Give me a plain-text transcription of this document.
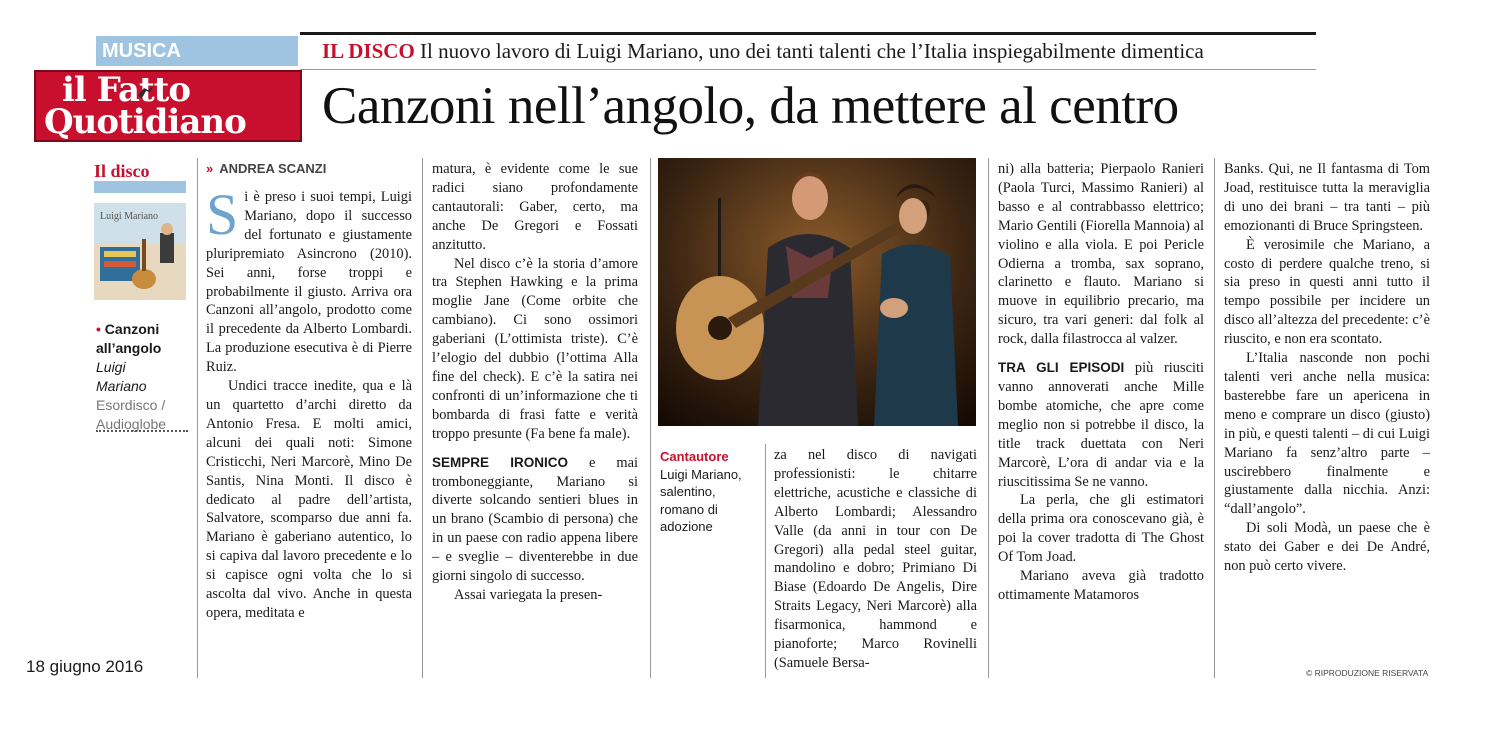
MUSICA	IL DISCO Il nuovo lavoro di Luigi Mariano, uno dei tanti talenti che l’Italia inspiegabilmente dimentica
Canzoni nell’angolo, da mettere al centro
il Fatto
Quotidiano
Il disco
Luigi Mariano
• Canzoni
all’angolo
Luigi
Mariano
Esordisco /
Audioglobe
18 giugno 2016
» ANDREA SCANZI

Si è preso i suoi tempi, Luigi Mariano, dopo il successo del fortunato e giustamente pluripremiato Asincrono (2010). Sei anni, forse troppi e probabilmente il giusto. Arriva ora Canzoni all’angolo, prodotto come il precedente da Alberto Lombardi. La produzione esecutiva è di Pierre Ruiz.

Undici tracce inedite, qua e là un quartetto d’archi diretto da Antonio Fresa. E molti amici, alcuni dei quali noti: Simone Cristicchi, Neri Marcorè, Mino De Santis, Nina Monti. Il disco è dedicato al padre dell’artista, Salvatore, scomparso due anni fa. Mariano è gaberiano autentico, lo si capiva dal lavoro precedente e lo si capisce ogni volta che lo si ascolta dal vivo. Anche in questa opera, meditata e

matura, è evidente come le sue radici siano profondamente cantautorali: Gaber, certo, ma anche De Gregori e Fossati anzitutto.

Nel disco c’è la storia d’amore tra Stephen Hawking e la prima moglie Jane (Come orbite che cambiano). Ci sono ossimori gaberiani (L’ottimista triste). C’è l’elogio del dubbio (l’ottima Alla fine del check). E c’è la satira nei confronti di un’informazione che ti bombarda di frasi fatte e verità troppo presunte (Fa bene fa male).

SEMPRE IRONICO e mai tromboneggiante, Mariano si diverte solcando sentieri blues in un brano (Scambio di persona) che in un paese con radio appena libere – e sveglie – diventerebbe in due giorni singolo di successo.

Assai variegata la presen-

Cantautore
Luigi Mariano, salentino, romano di adozione

za nel disco di navigati professionisti: le chitarre elettriche, acustiche e classiche di Alberto Lombardi; Alessandro Valle (da anni in tour con De Gregori) alla pedal steel guitar, mandolino e dobro; Primiano Di Biase (Edoardo De Angelis, Dire Straits Legacy, Neri Marcorè) alla fisarmonica, hammond e pianoforte; Marco Rovinelli (Samuele Bersa-

ni) alla batteria; Pierpaolo Ranieri (Paola Turci, Massimo Ranieri) al basso e al contrabbasso elettrico; Mario Gentili (Fiorella Mannoia) al violino e alla viola. E poi Pericle Odierna a tromba, sax soprano, clarinetto e flauto. Mariano si muove in equilibrio precario, ma sicuro, tra vari generi: dal folk al rock, dalla filastrocca al valzer.

TRA GLI EPISODI più riusciti vanno annoverati anche Mille bombe atomiche, che apre come meglio non si potrebbe il disco, la title track duettata con Neri Marcorè, L’ora di andar via e la riuscitissima Se ne vanno.

La perla, che gli estimatori della prima ora conoscevano già, è poi la cover tradotta di The Ghost Of Tom Joad.

Mariano aveva già tradotto ottimamente Matamoros

Banks. Qui, ne Il fantasma di Tom Joad, restituisce tutta la meraviglia di uno dei brani – tra tanti – più emozionanti di Bruce Springsteen.

È verosimile che Mariano, a costo di perdere qualche treno, si sia preso in questi anni tutto il tempo possibile per incidere un disco all’altezza del precedente: c’è riuscito, e non era scontato.

L’Italia nasconde non pochi talenti veri anche nella musica: basterebbe fare un apericena in meno e comprare un disco (giusto) in più, e questi talenti – di cui Luigi Mariano fa senz’altro parte – uscirebbero finalmente e giustamente dalla nicchia. Anzi: “dall’angolo”.

Di soli Modà, un paese che è stato dei Gaber e dei De André, non può certo vivere.

© RIPRODUZIONE RISERVATA
